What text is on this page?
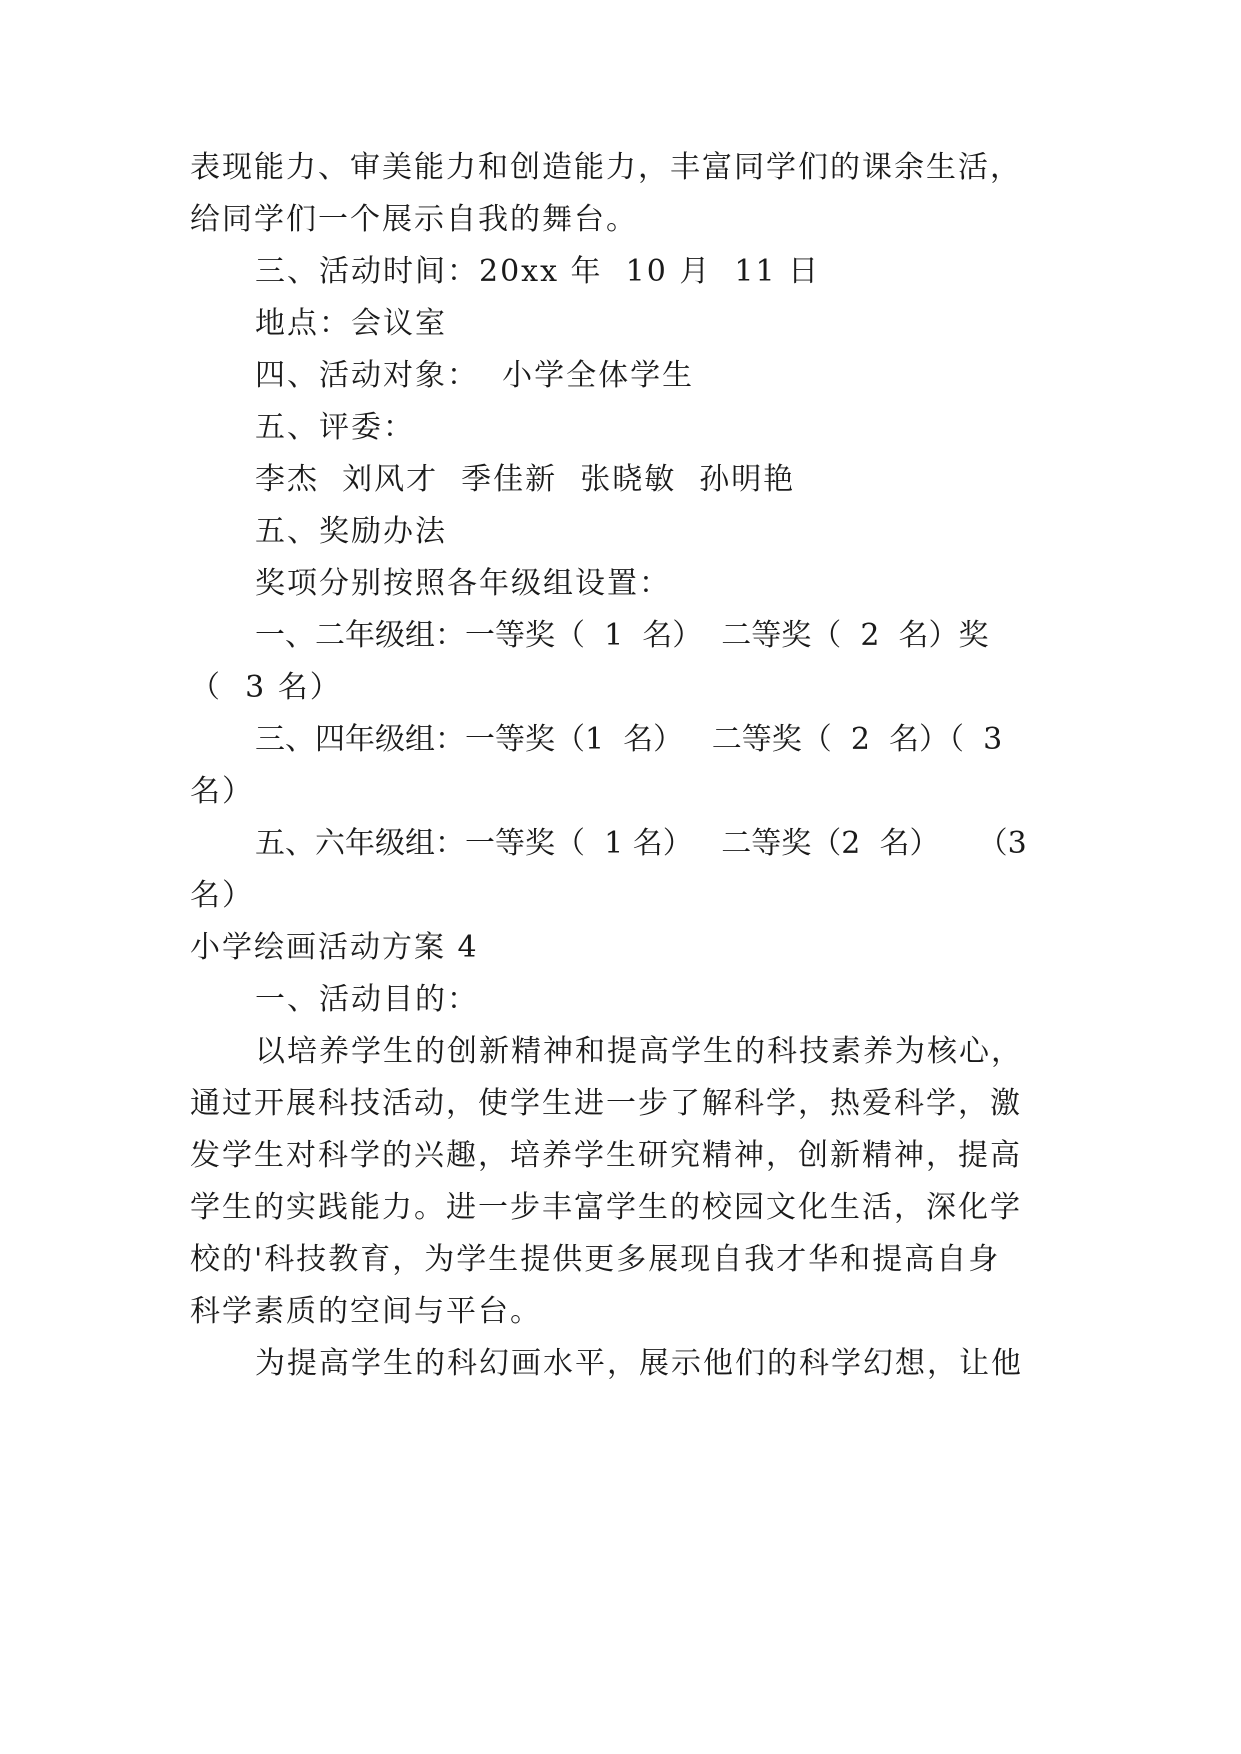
表现能力、审美能力和创造能力，丰富同学们的课余生活，
给同学们一个展示自我的舞台。
三、活动时间：20xx 年  10 月  11 日
地点：会议室
四、活动对象：  小学全体学生
五、评委：
李杰  刘风才  季佳新  张晓敏  孙明艳
五、奖励办法
奖项分别按照各年级组设置：
一、二年级组：一等奖（  1  名）  二等奖（  2  名）奖
（  3 名）
三、四年级组：一等奖（1  名）   二等奖（  2  名）（  3
名）
五、六年级组：一等奖（  1 名）   二等奖（2  名）    （3
名）
小学绘画活动方案 4
一、活动目的：
以培养学生的创新精神和提高学生的科技素养为核心，
通过开展科技活动，使学生进一步了解科学，热爱科学，激
发学生对科学的兴趣，培养学生研究精神，创新精神，提高
学生的实践能力。进一步丰富学生的校园文化生活，深化学
校的'科技教育，为学生提供更多展现自我才华和提高自身
科学素质的空间与平台。
为提高学生的科幻画水平，展示他们的科学幻想，让他
